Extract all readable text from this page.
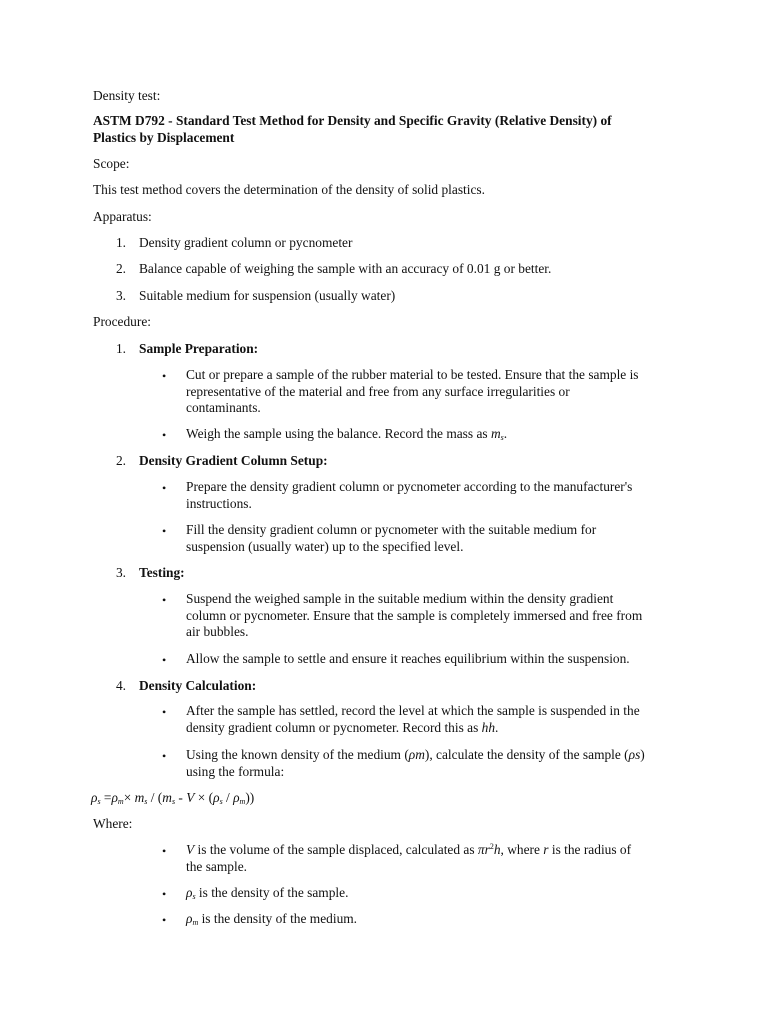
Density test:

ASTM D792 - Standard Test Method for Density and Specific Gravity (Relative Density) of

Plastics by Displacement

Scope:

This test method covers the determination of the density of solid plastics.

Apparatus:

1. Density gradient column or pycnometer
2. Balance capable of weighing the sample with an accuracy of 0.01 g or better.
3. Suitable medium for suspension (usually water)

Procedure:

1. Sample Preparation:
• Cut or prepare a sample of the rubber material to be tested. Ensure that the sample is
representative of the material and free from any surface irregularities or
contaminants.
• Weigh the sample using the balance. Record the mass as $m_s$.
2. Density Gradient Column Setup:
• Prepare the density gradient column or pycnometer according to the manufacturer's
instructions.
• Fill the density gradient column or pycnometer with the suitable medium for
suspension (usually water) up to the specified level.
3. Testing:
• Suspend the weighed sample in the suitable medium within the density gradient
column or pycnometer. Ensure that the sample is completely immersed and free from
air bubbles.
• Allow the sample to settle and ensure it reaches equilibrium within the suspension.
4. Density Calculation:
• After the sample has settled, record the level at which the sample is suspended in the
density gradient column or pycnometer. Record this as hh.
• Using the known density of the medium (ρm), calculate the density of the sample (ρs)
using the formula:

$\rho_s =\rho_m\times m_s / (m_s - V \times (\rho_s / \rho_m))$

Where:

• V is the volume of the sample displaced, calculated as $\pi r^2h$, where r is the radius of
the sample.
• $\rho_s$ is the density of the sample.
• $\rho_m$ is the density of the medium.
